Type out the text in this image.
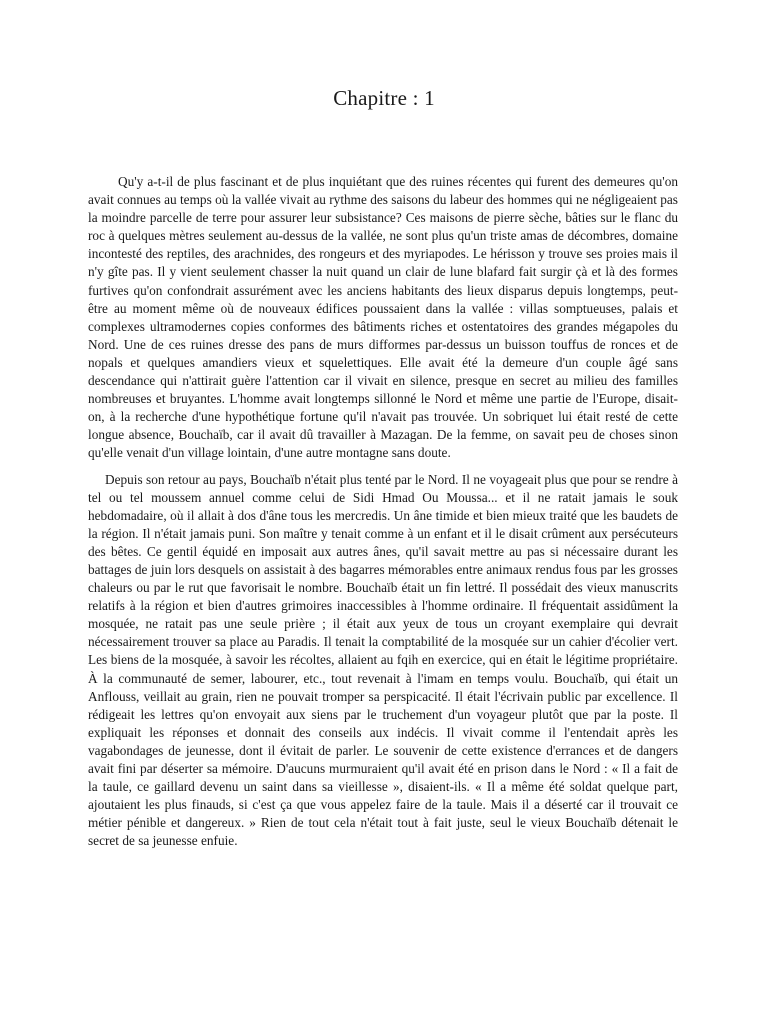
Chapitre : 1

Qu'y a-t-il de plus fascinant et de plus inquiétant que des ruines récentes qui furent des demeures qu'on avait connues au temps où la vallée vivait au rythme des saisons du labeur des hommes qui ne négligeaient pas la moindre parcelle de terre pour assurer leur subsistance? Ces maisons de pierre sèche, bâties sur le flanc du roc à quelques mètres seulement au-dessus de la vallée, ne sont plus qu'un triste amas de décombres, domaine incontesté des reptiles, des arachnides, des rongeurs et des myriapodes. Le hérisson y trouve ses proies mais il n'y gîte pas. Il y vient seulement chasser la nuit quand un clair de lune blafard fait surgir çà et là des formes furtives qu'on confondrait assurément avec les anciens habitants des lieux disparus depuis longtemps, peut-être au moment même où de nouveaux édifices poussaient dans la vallée : villas somptueuses, palais et complexes ultramodernes copies conformes des bâtiments riches et ostentatoires des grandes mégapoles du Nord. Une de ces ruines dresse des pans de murs difformes par-dessus un buisson touffus de ronces et de nopals et quelques amandiers vieux et squelettiques. Elle avait été la demeure d'un couple âgé sans descendance qui n'attirait guère l'attention car il vivait en silence, presque en secret au milieu des familles nombreuses et bruyantes. L'homme avait longtemps sillonné le Nord et même une partie de l'Europe, disait-on, à la recherche d'une hypothétique fortune qu'il n'avait pas trouvée. Un sobriquet lui était resté de cette longue absence, Bouchaïb, car il avait dû travailler à Mazagan. De la femme, on savait peu de choses sinon qu'elle venait d'un village lointain, d'une autre montagne sans doute.

Depuis son retour au pays, Bouchaïb n'était plus tenté par le Nord. Il ne voyageait plus que pour se rendre à tel ou tel moussem annuel comme celui de Sidi Hmad Ou Moussa... et il ne ratait jamais le souk hebdomadaire, où il allait à dos d'âne tous les mercredis. Un âne timide et bien mieux traité que les baudets de la région. Il n'était jamais puni. Son maître y tenait comme à un enfant et il le disait crûment aux persécuteurs des bêtes. Ce gentil équidé en imposait aux autres ânes, qu'il savait mettre au pas si nécessaire durant les battages de juin lors desquels on assistait à des bagarres mémorables entre animaux rendus fous par les grosses chaleurs ou par le rut que favorisait le nombre. Bouchaïb était un fin lettré. Il possédait des vieux manuscrits relatifs à la région et bien d'autres grimoires inaccessibles à l'homme ordinaire. Il fréquentait assidûment la mosquée, ne ratait pas une seule prière ; il était aux yeux de tous un croyant exemplaire qui devrait nécessairement trouver sa place au Paradis. Il tenait la comptabilité de la mosquée sur un cahier d'écolier vert. Les biens de la mosquée, à savoir les récoltes, allaient au fqih en exercice, qui en était le légitime propriétaire. À la communauté de semer, labourer, etc., tout revenait à l'imam en temps voulu. Bouchaïb, qui était un Anflouss, veillait au grain, rien ne pouvait tromper sa perspicacité. Il était l'écrivain public par excellence. Il rédigeait les lettres qu'on envoyait aux siens par le truchement d'un voyageur plutôt que par la poste. Il expliquait les réponses et donnait des conseils aux indécis. Il vivait comme il l'entendait après les vagabondages de jeunesse, dont il évitait de parler. Le souvenir de cette existence d'errances et de dangers avait fini par déserter sa mémoire. D'aucuns murmuraient qu'il avait été en prison dans le Nord : « Il a fait de la taule, ce gaillard devenu un saint dans sa vieillesse », disaient-ils. « Il a même été soldat quelque part, ajoutaient les plus finauds, si c'est ça que vous appelez faire de la taule. Mais il a déserté car il trouvait ce métier pénible et dangereux. » Rien de tout cela n'était tout à fait juste, seul le vieux Bouchaïb détenait le secret de sa jeunesse enfuie.
